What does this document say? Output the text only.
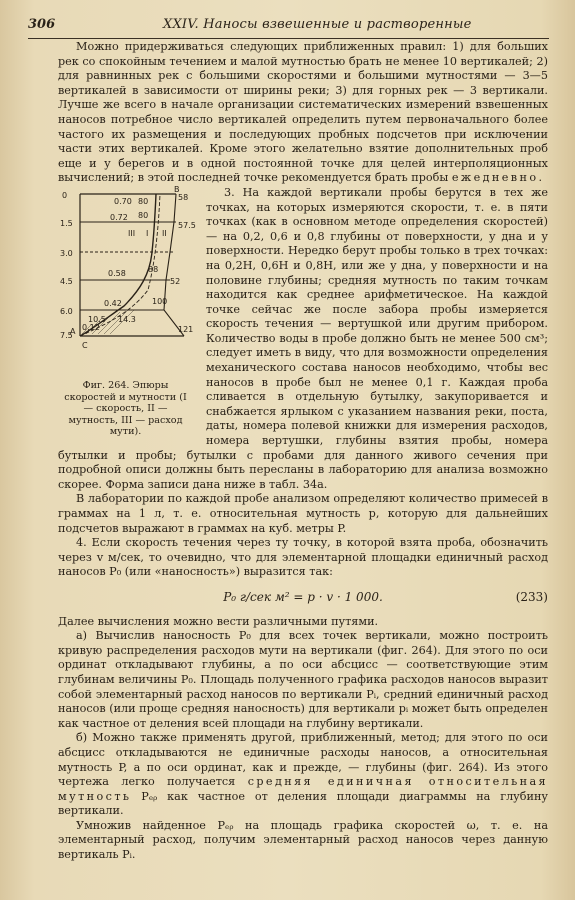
306	XXIV. Наносы взвешенные и растворенные

Можно придерживаться следующих приближенных правил: 1) для больших рек со спокойным течением и малой мутностью брать не менее 10 вертикалей; 2) для равнинных рек с большими скоростями и большими мутностями — 3—5 вертикалей в зависимости от ширины реки; 3) для горных рек — 3 вертикали. Лучше же всего в начале организации систематических измерений взвешенных наносов потребное число вертикалей определить путем первоначального более частого их размещения и последующих пробных подсчетов при исключении части этих вертикалей. Кроме этого желательно взятие дополнительных проб еще и у берегов и в одной постоянной точке для целей интерполяционных вычислений; в этой последней точке рекомендуется брать пробы ежедневно.

0
1.5
3.0
4.5
6.0
7.5
0.70
0.72
0.58
0.42
0.12
58
57.5
52
88
100
121
80
80
10.5 14.3
B
C
A
I II
III
Фиг. 264. Эпюры скоростей и мутности (I — скорость, II — мутность, III — расход мути).

3. На каждой вертикали пробы берутся в тех же точках, на которых измеряются скорости, т. е. в пяти точках (как в основном методе определения скоростей) — на 0,2, 0,6 и 0,8 глубины от поверхности, у дна и у поверхности. Нередко берут пробы только в трех точках: на 0,2H, 0,6H и 0,8H, или же у дна, у поверхности и на половине глубины; средняя мутность по таким точкам находится как среднее арифметическое. На каждой точке сейчас же после забора пробы измеряется скорость течения — вертушкой или другим прибором. Количество воды в пробе должно быть не менее 500 см³; следует иметь в виду, что для возможности определения механического состава наносов необходимо, чтобы вес наносов в пробе был не менее 0,1 г. Каждая проба сливается в отдельную бутылку, закупоривается и снабжается ярлыком с указанием названия реки, поста, даты, номера полевой книжки для измерения расходов, номера вертушки, глубины взятия пробы, номера бутылки и пробы; бутылки с пробами для данного живого сечения при подробной описи должны быть пересланы в лабораторию для анализа возможно скорее. Форма записи дана ниже в табл. 34а.

В лаборатории по каждой пробе анализом определяют количество примесей в граммах на 1 л, т. е. относительная мутность p, которую для дальнейших подсчетов выражают в граммах на куб. метры P.

4. Если скорость течения через ту точку, в которой взята проба, обозначить через v м/сек, то очевидно, что для элементарной площадки единичный расход наносов P₀ (или «наносность») выразится так:

P₀ г/сек м² = p · v · 1 000.	(233)

Далее вычисления можно вести различными путями.

а) Вычислив наносность P₀ для всех точек вертикали, можно построить кривую распределения расходов мути на вертикали (фиг. 264). Для этого по оси ординат откладывают глубины, а по оси абсцисс — соответствующие этим глубинам величины P₀. Площадь полученного графика расходов наносов выразит собой элементарный расход наносов по вертикали Pᵢ, средний единичный расход наносов (или проще средняя наносность) для вертикали pᵢ может быть определен как частное от деления всей площади на глубину вертикали.

б) Можно также применять другой, приближенный, метод; для этого по оси абсцисс откладываются не единичные расходы наносов, а относительная мутность P, а по оси ординат, как и прежде, — глубины (фиг. 264). Из этого чертежа легко получается средняя единичная относительная мутность Pₑᵨ как частное от деления площади диаграммы на глубину вертикали.

Умножив найденное Pₑᵨ на площадь графика скоростей ω, т. е. на элементарный расход, получим элементарный расход наносов через данную вертикаль Pᵢ.
